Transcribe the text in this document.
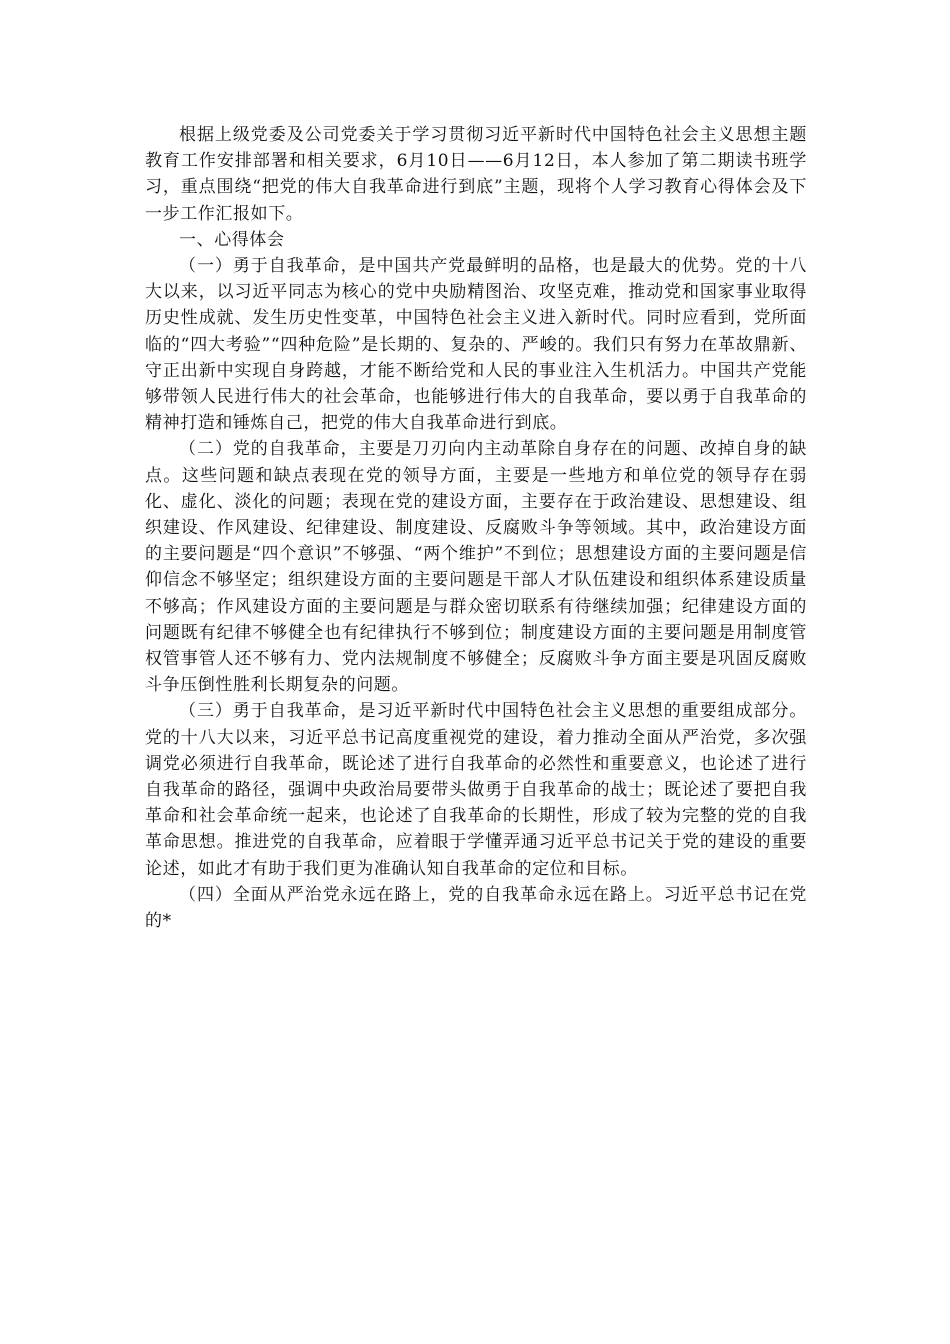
根据上级党委及公司党委关于学习贯彻习近平新时代中国特色社会主义思想主题教育工作安排部署和相关要求，6月10日——6月12日，本人参加了第二期读书班学习，重点围绕“把党的伟大自我革命进行到底”主题，现将个人学习教育心得体会及下一步工作汇报如下。

一、心得体会

（一）勇于自我革命，是中国共产党最鲜明的品格，也是最大的优势。党的十八大以来，以习近平同志为核心的党中央励精图治、攻坚克难，推动党和国家事业取得历史性成就、发生历史性变革，中国特色社会主义进入新时代。同时应看到，党所面临的“四大考验”“四种危险”是长期的、复杂的、严峻的。我们只有努力在革故鼎新、守正出新中实现自身跨越，才能不断给党和人民的事业注入生机活力。中国共产党能够带领人民进行伟大的社会革命，也能够进行伟大的自我革命，要以勇于自我革命的精神打造和锤炼自己，把党的伟大自我革命进行到底。

（二）党的自我革命，主要是刀刃向内主动革除自身存在的问题、改掉自身的缺点。这些问题和缺点表现在党的领导方面，主要是一些地方和单位党的领导存在弱化、虚化、淡化的问题；表现在党的建设方面，主要存在于政治建设、思想建设、组织建设、作风建设、纪律建设、制度建设、反腐败斗争等领域。其中，政治建设方面的主要问题是“四个意识”不够强、“两个维护”不到位；思想建设方面的主要问题是信仰信念不够坚定；组织建设方面的主要问题是干部人才队伍建设和组织体系建设质量不够高；作风建设方面的主要问题是与群众密切联系有待继续加强；纪律建设方面的问题既有纪律不够健全也有纪律执行不够到位；制度建设方面的主要问题是用制度管权管事管人还不够有力、党内法规制度不够健全；反腐败斗争方面主要是巩固反腐败斗争压倒性胜利长期复杂的问题。

（三）勇于自我革命，是习近平新时代中国特色社会主义思想的重要组成部分。党的十八大以来，习近平总书记高度重视党的建设，着力推动全面从严治党，多次强调党必须进行自我革命，既论述了进行自我革命的必然性和重要意义，也论述了进行自我革命的路径，强调中央政治局要带头做勇于自我革命的战士；既论述了要把自我革命和社会革命统一起来，也论述了自我革命的长期性，形成了较为完整的党的自我革命思想。推进党的自我革命，应着眼于学懂弄通习近平总书记关于党的建设的重要论述，如此才有助于我们更为准确认知自我革命的定位和目标。

（四）全面从严治党永远在路上，党的自我革命永远在路上。习近平总书记在党的*
